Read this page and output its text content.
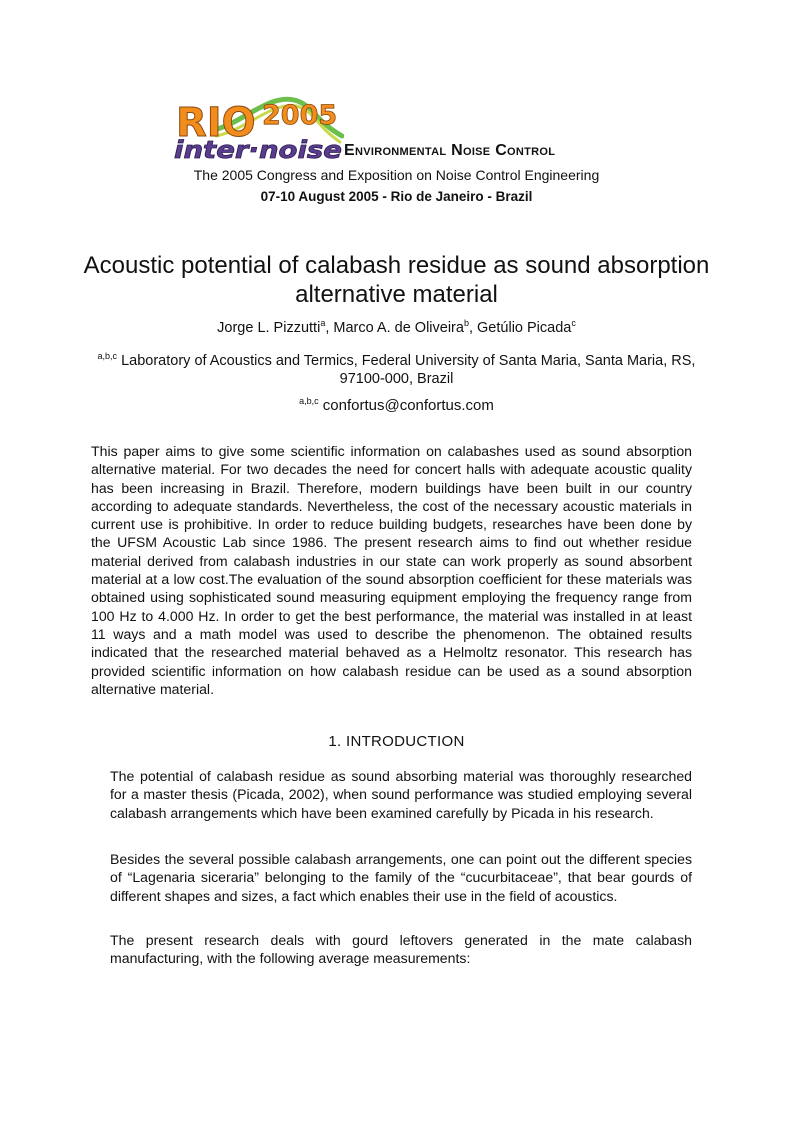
RIO 2005
inter·noise Environmental Noise Control
The 2005 Congress and Exposition on Noise Control Engineering
07-10 August 2005 - Rio de Janeiro - Brazil
Acoustic potential of calabash residue as sound absorption alternative material
Jorge L. Pizzutti$^a$, Marco A. de Oliveira$^b$, Getúlio Picada$^c$
$^{a,b,c}$ Laboratory of Acoustics and Termics, Federal University of Santa Maria, Santa Maria, RS, 97100-000, Brazil
$^{a,b,c}$ confortus@confortus.com

This paper aims to give some scientific information on calabashes used as sound absorption alternative material. For two decades the need for concert halls with adequate acoustic quality has been increasing in Brazil. Therefore, modern buildings have been built in our country according to adequate standards. Nevertheless, the cost of the necessary acoustic materials in current use is prohibitive. In order to reduce building budgets, researches have been done by the UFSM Acoustic Lab since 1986. The present research aims to find out whether residue material derived from calabash industries in our state can work properly as sound absorbent material at a low cost.The evaluation of the sound absorption coefficient for these materials was obtained using sophisticated sound measuring equipment employing the frequency range from 100 Hz to 4.000 Hz. In order to get the best performance, the material was installed in at least 11 ways and a math model was used to describe the phenomenon. The obtained results indicated that the researched material behaved as a Helmoltz resonator. This research has provided scientific information on how calabash residue can be used as a sound absorption alternative material.

1. INTRODUCTION

The potential of calabash residue as sound absorbing material was thoroughly researched for a master thesis (Picada, 2002), when sound performance was studied employing several calabash arrangements which have been examined carefully by Picada in his research.

Besides the several possible calabash arrangements, one can point out the different species of “Lagenaria siceraria” belonging to the family of the “cucurbitaceae”, that bear gourds of different shapes and sizes, a fact which enables their use in the field of acoustics.

The present research deals with gourd leftovers generated in the mate calabash manufacturing, with the following average measurements:
